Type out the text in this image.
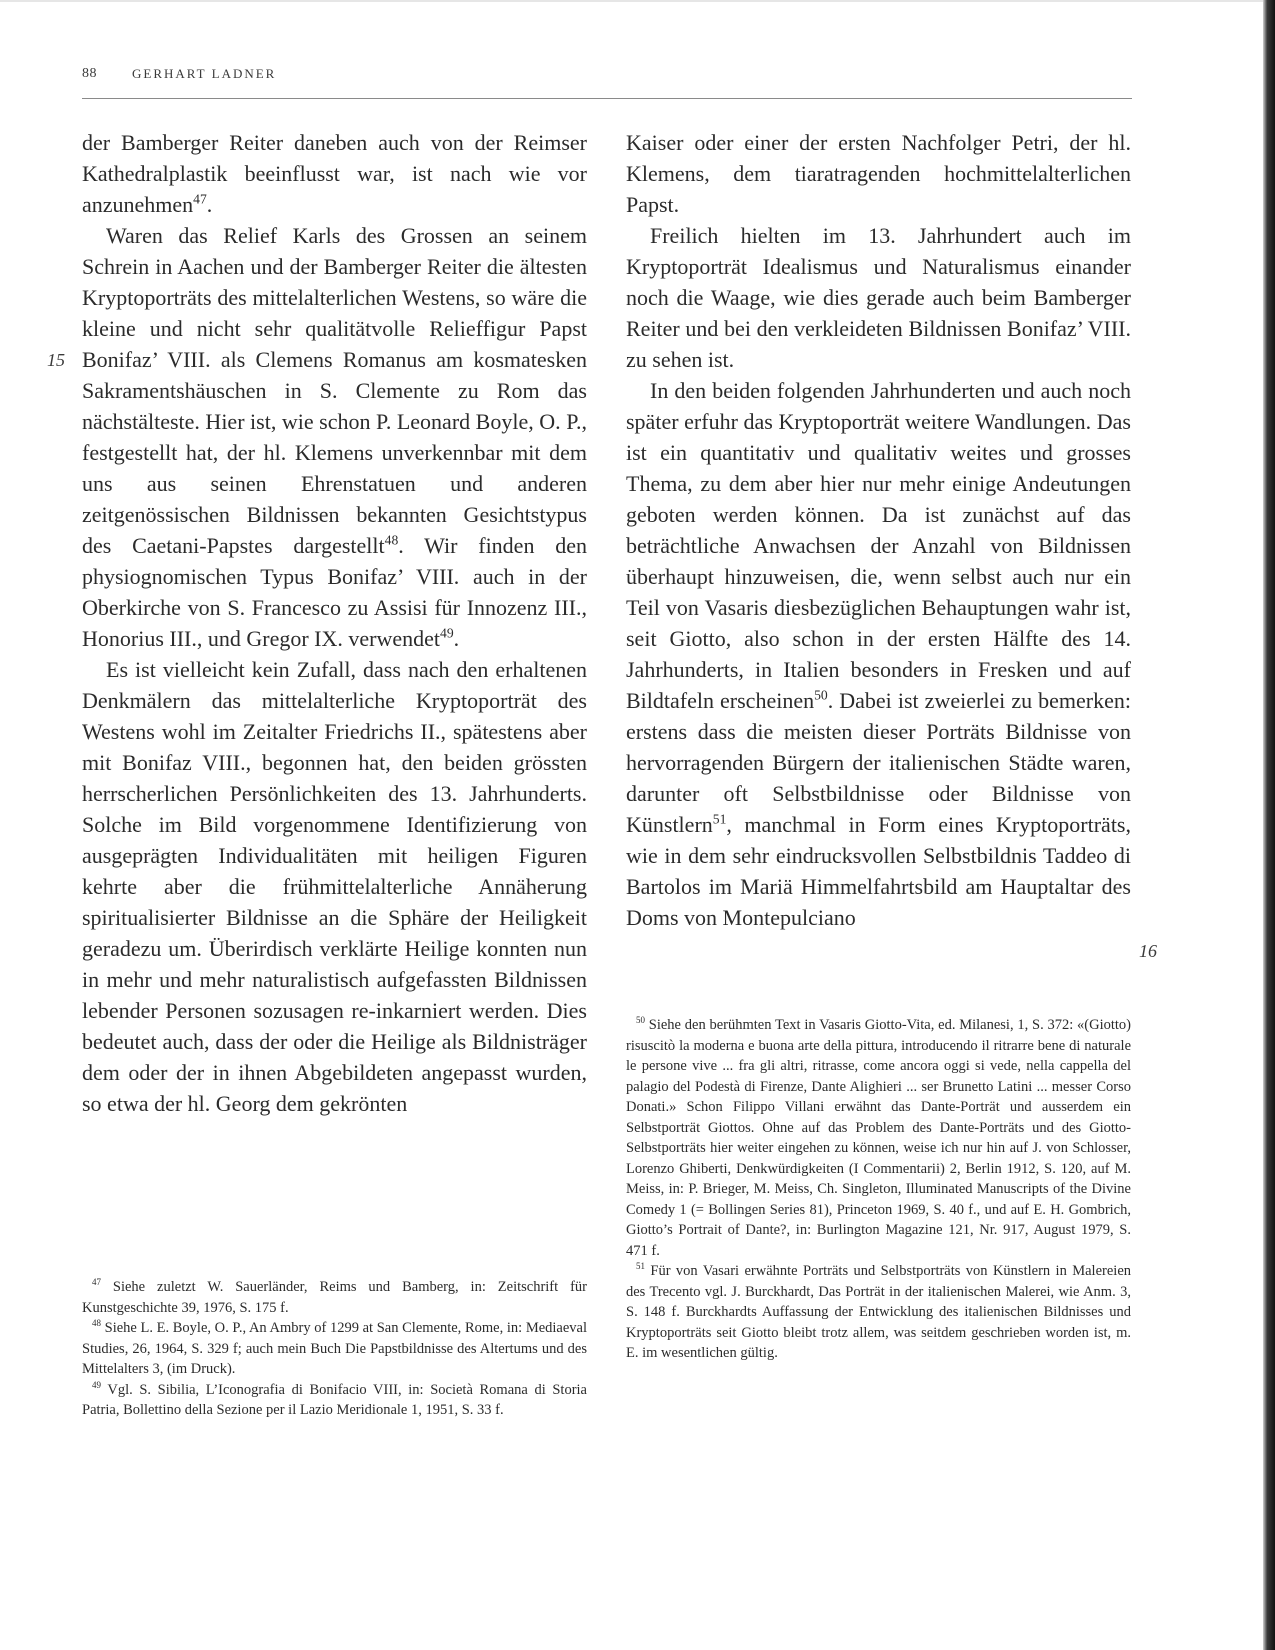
88	GERHART LADNER
15
16

der Bamberger Reiter daneben auch von der Reimser Kathedralplastik beeinflusst war, ist nach wie vor anzunehmen$^{47}$.

Waren das Relief Karls des Grossen an seinem Schrein in Aachen und der Bamberger Reiter die ältesten Kryptoporträts des mittelalterlichen Westens, so wäre die kleine und nicht sehr qualitätvolle Relieffigur Papst Bonifaz’ VIII. als Clemens Romanus am kosmatesken Sakramentshäuschen in S. Clemente zu Rom das nächstälteste. Hier ist, wie schon P. Leonard Boyle, O. P., festgestellt hat, der hl. Klemens unverkennbar mit dem uns aus seinen Ehrenstatuen und anderen zeitgenössischen Bildnissen bekannten Gesichtstypus des Caetani-Papstes dargestellt$^{48}$. Wir finden den physiognomischen Typus Bonifaz’ VIII. auch in der Oberkirche von S. Francesco zu Assisi für Innozenz III., Honorius III., und Gregor IX. verwendet$^{49}$.

Es ist vielleicht kein Zufall, dass nach den erhaltenen Denkmälern das mittelalterliche Kryptoporträt des Westens wohl im Zeitalter Friedrichs II., spätestens aber mit Bonifaz VIII., begonnen hat, den beiden grössten herrscherlichen Persönlichkeiten des 13. Jahrhunderts. Solche im Bild vorgenommene Identifizierung von ausgeprägten Individualitäten mit heiligen Figuren kehrte aber die frühmittelalterliche Annäherung spiritualisierter Bildnisse an die Sphäre der Heiligkeit geradezu um. Überirdisch verklärte Heilige konnten nun in mehr und mehr naturalistisch aufgefassten Bildnissen lebender Personen sozusagen re-inkarniert werden. Dies bedeutet auch, dass der oder die Heilige als Bildnisträger dem oder der in ihnen Abgebildeten angepasst wurden, so etwa der hl. Georg dem gekrönten

Kaiser oder einer der ersten Nachfolger Petri, der hl. Klemens, dem tiaratragenden hochmittelalterlichen Papst.

Freilich hielten im 13. Jahrhundert auch im Kryptoporträt Idealismus und Naturalismus einander noch die Waage, wie dies gerade auch beim Bamberger Reiter und bei den verkleideten Bildnissen Bonifaz’ VIII. zu sehen ist.

In den beiden folgenden Jahrhunderten und auch noch später erfuhr das Kryptoporträt weitere Wandlungen. Das ist ein quantitativ und qualitativ weites und grosses Thema, zu dem aber hier nur mehr einige Andeutungen geboten werden können. Da ist zunächst auf das beträchtliche Anwachsen der Anzahl von Bildnissen überhaupt hinzuweisen, die, wenn selbst auch nur ein Teil von Vasaris diesbezüglichen Behauptungen wahr ist, seit Giotto, also schon in der ersten Hälfte des 14. Jahrhunderts, in Italien besonders in Fresken und auf Bildtafeln erscheinen$^{50}$. Dabei ist zweierlei zu bemerken: erstens dass die meisten dieser Porträts Bildnisse von hervorragenden Bürgern der italienischen Städte waren, darunter oft Selbstbildnisse oder Bildnisse von Künstlern$^{51}$, manchmal in Form eines Kryptoporträts, wie in dem sehr eindrucksvollen Selbstbildnis Taddeo di Bartolos im Mariä Himmelfahrtsbild am Hauptaltar des Doms von Montepulciano

$^{47}$ Siehe zuletzt W. Sauerländer, Reims und Bamberg, in: Zeitschrift für Kunstgeschichte 39, 1976, S. 175 f.

$^{48}$ Siehe L. E. Boyle, O. P., An Ambry of 1299 at San Clemente, Rome, in: Mediaeval Studies, 26, 1964, S. 329 f; auch mein Buch Die Papstbildnisse des Altertums und des Mittelalters 3, (im Druck).

$^{49}$ Vgl. S. Sibilia, L’Iconografia di Bonifacio VIII, in: Società Romana di Storia Patria, Bollettino della Sezione per il Lazio Meridionale 1, 1951, S. 33 f.

$^{50}$ Siehe den berühmten Text in Vasaris Giotto-Vita, ed. Milanesi, 1, S. 372: «(Giotto) risuscitò la moderna e buona arte della pittura, introducendo il ritrarre bene di naturale le persone vive ... fra gli altri, ritrasse, come ancora oggi si vede, nella cappella del palagio del Podestà di Firenze, Dante Alighieri ... ser Brunetto Latini ... messer Corso Donati.» Schon Filippo Villani erwähnt das Dante-Porträt und ausserdem ein Selbstporträt Giottos. Ohne auf das Problem des Dante-Porträts und des Giotto-Selbstporträts hier weiter eingehen zu können, weise ich nur hin auf J. von Schlosser, Lorenzo Ghiberti, Denkwürdigkeiten (I Commentarii) 2, Berlin 1912, S. 120, auf M. Meiss, in: P. Brieger, M. Meiss, Ch. Singleton, Illuminated Manuscripts of the Divine Comedy 1 (= Bollingen Series 81), Princeton 1969, S. 40 f., und auf E. H. Gombrich, Giotto’s Portrait of Dante?, in: Burlington Magazine 121, Nr. 917, August 1979, S. 471 f.

$^{51}$ Für von Vasari erwähnte Porträts und Selbstporträts von Künstlern in Malereien des Trecento vgl. J. Burckhardt, Das Porträt in der italienischen Malerei, wie Anm. 3, S. 148 f. Burckhardts Auffassung der Entwicklung des italienischen Bildnisses und Kryptoporträts seit Giotto bleibt trotz allem, was seitdem geschrieben worden ist, m. E. im wesentlichen gültig.
